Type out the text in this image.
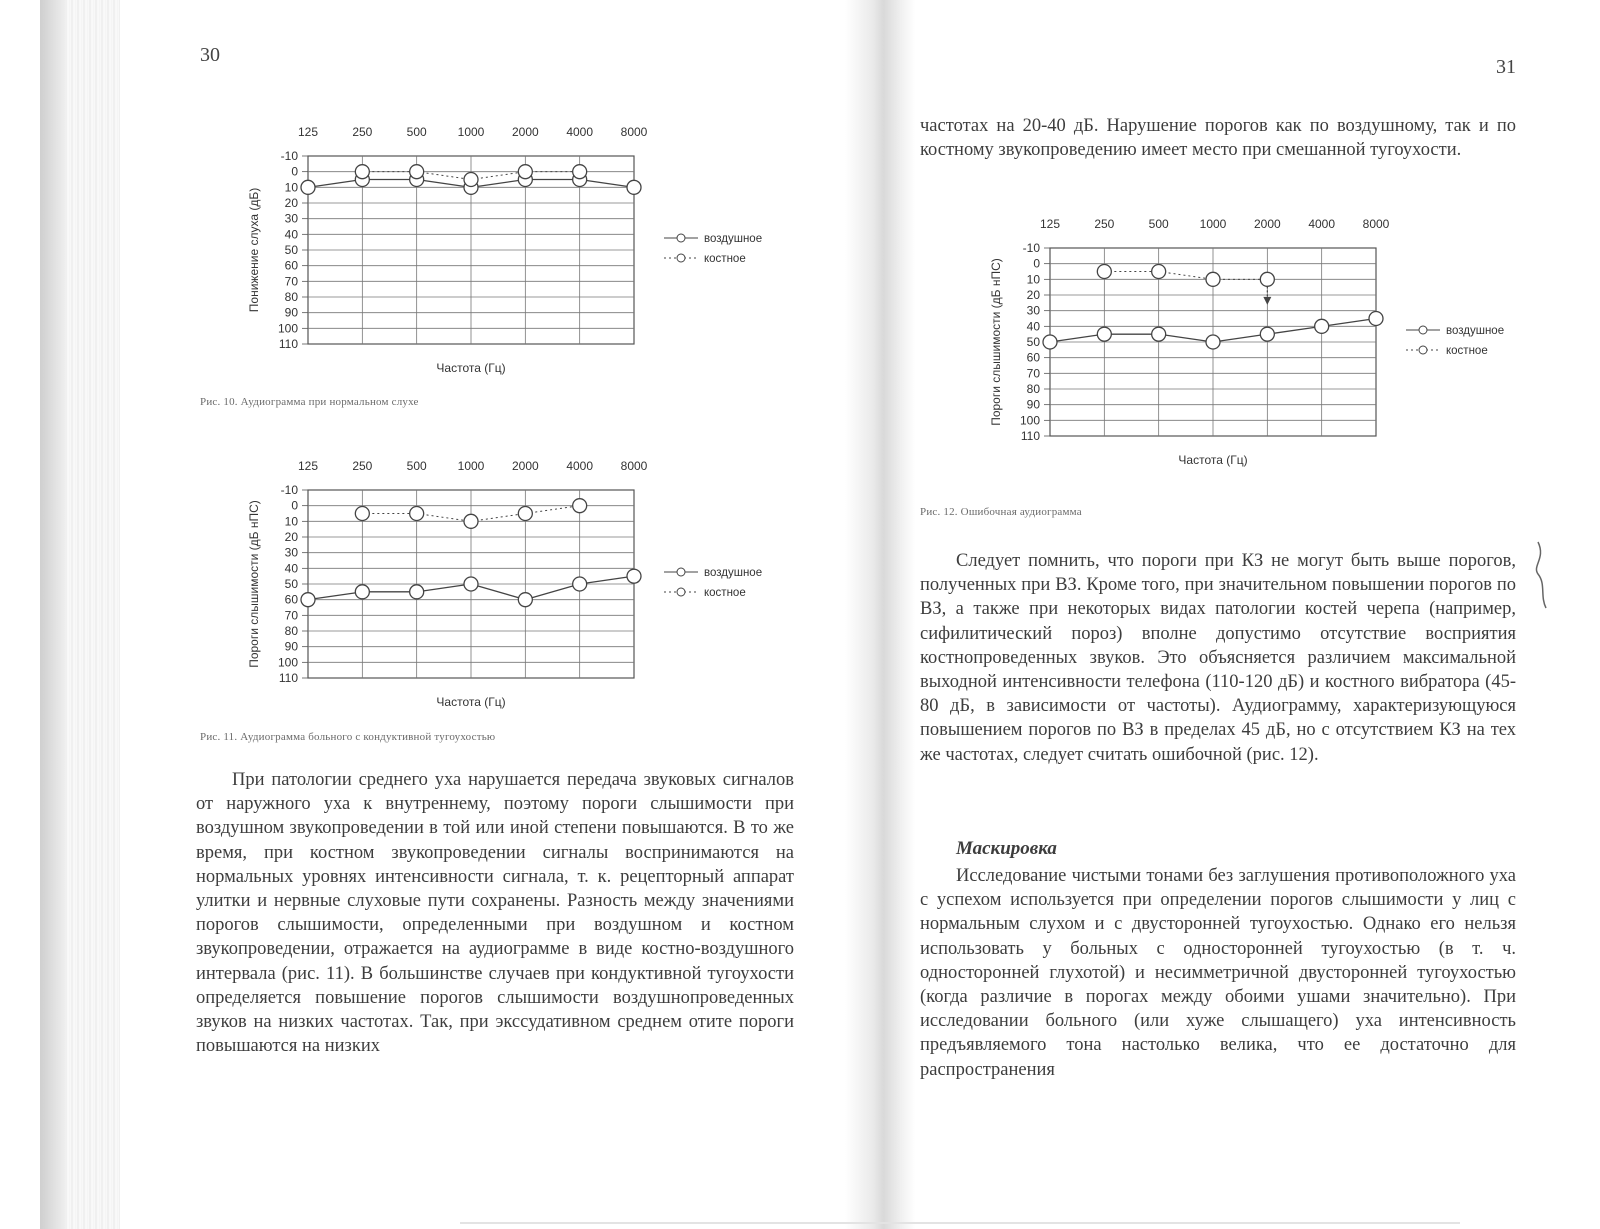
30
-10
0
10
20
30
40
50
60
70
80
90
100
110
125	250	500	1000 2000 4000 8000
Частота (Гц)
Понижение слуха (дБ)	воздушное
костное
Рис. 10. Аудиограмма при нормальном слухе
-10
0
10
20
30
40
50
60
70
80
90
100
110
125	250	500	1000 2000 4000 8000
Частота (Гц)
Пороги слышимости (дБ нПС)	воздушное
костное
Рис. 11. Аудиограмма больного с кондуктивной тугоухостью

При патологии среднего уха нарушается передача звуковых сигналов от наружного уха к внутреннему, поэтому пороги слышимости при воздушном звукопроведении в той или иной степени повышаются. В то же время, при костном звукопроведении сигналы воспринимаются на нормальных уровнях интенсивности сигнала, т. к. рецепторный аппарат улитки и нервные слуховые пути сохранены. Разность между значениями порогов слышимости, определенными при воздушном и костном звукопроведении, отражается на аудиограмме в виде костно-воздушного интервала (рис. 11). В большинстве случаев при кондуктивной тугоухости определяется повышение порогов слышимости воздушнопроведенных звуков на низких частотах. Так, при экссудативном среднем отите пороги повышаются на низких

31

частотах на 20-40 дБ. Нарушение порогов как по воздушному, так и по костному звукопроведению имеет место при смешанной тугоухости.

-10
0
10
20
30
40
50
60
70
80
90
100
110
125	250	500	1000 2000 4000 8000
Частота (Гц)
Пороги слышимости (дБ нПС)	воздушное
костное
Рис. 12. Ошибочная аудиограмма

Следует помнить, что пороги при КЗ не могут быть выше порогов, полученных при ВЗ. Кроме того, при значительном повышении порогов по ВЗ, а также при некоторых видах патологии костей черепа (например, сифилитический пороз) вполне допустимо отсутствие восприятия костнопроведенных звуков. Это объясняется различием максимальной выходной интенсивности телефона (110-120 дБ) и костного вибратора (45-80 дБ, в зависимости от частоты). Аудиограмму, характеризующуюся повышением порогов по ВЗ в пределах 45 дБ, но с отсутствием КЗ на тех же частотах, следует считать ошибочной (рис. 12).

Маскировка

Исследование чистыми тонами без заглушения противоположного уха с успехом используется при определении порогов слышимости у лиц с нормальным слухом и с двусторонней тугоухостью. Однако его нельзя использовать у больных с односторонней тугоухостью (в т. ч. односторонней глухотой) и несимметричной двусторонней тугоухостью (когда различие в порогах между обоими ушами значительно). При исследовании больного (или хуже слышащего) уха интенсивность предъявляемого тона настолько велика, что ее достаточно для распространения
